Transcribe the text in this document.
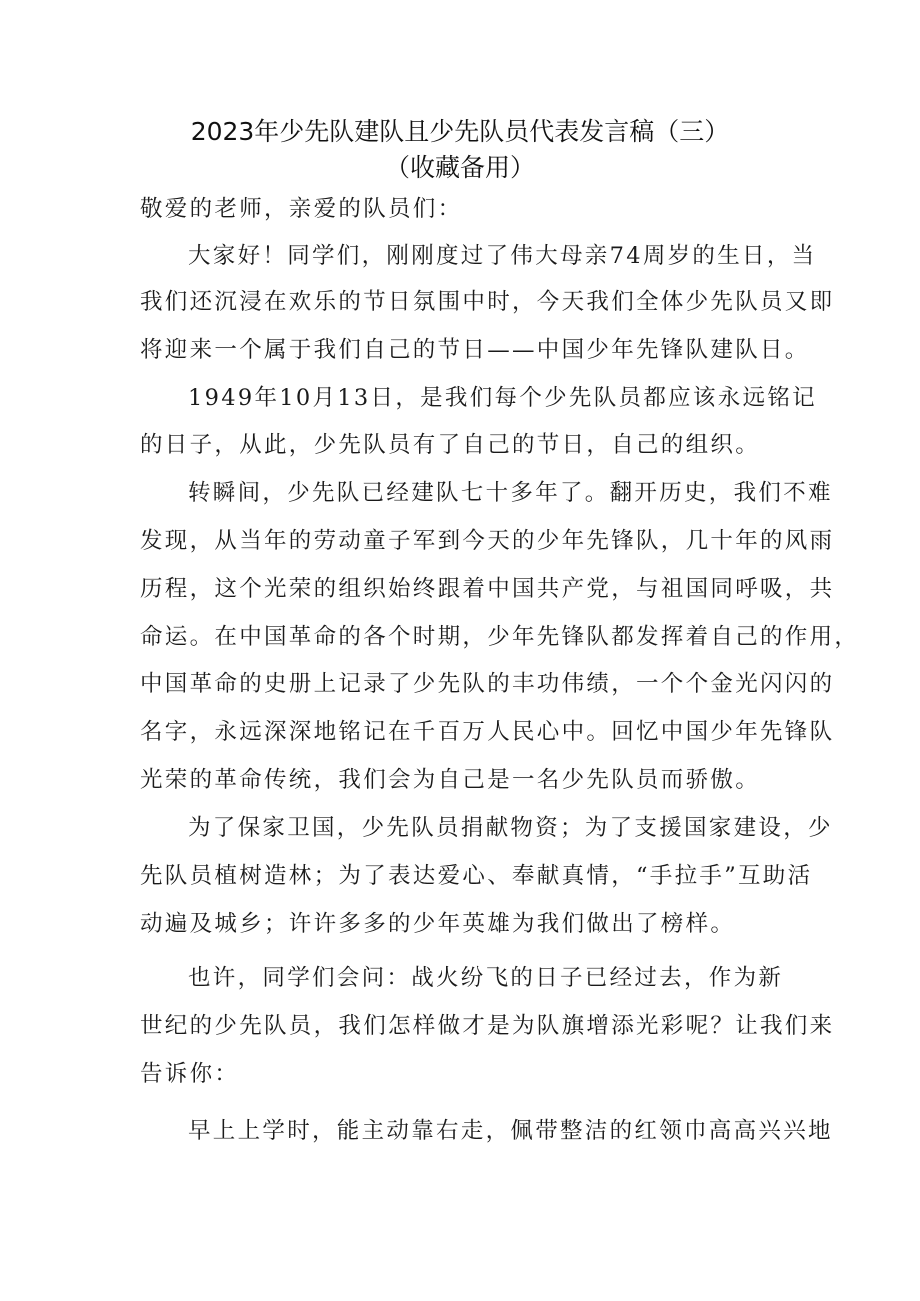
2023年少先队建队且少先队员代表发言稿（三）
（收藏备用）
敬爱的老师，亲爱的队员们：
大家好！同学们，刚刚度过了伟大母亲74周岁的生日，当
我们还沉浸在欢乐的节日氛围中时，今天我们全体少先队员又即
将迎来一个属于我们自己的节日——中国少年先锋队建队日。
1949年10月13日，是我们每个少先队员都应该永远铭记
的日子，从此，少先队员有了自己的节日，自己的组织。
转瞬间，少先队已经建队七十多年了。翻开历史，我们不难
发现，从当年的劳动童子军到今天的少年先锋队，几十年的风雨
历程，这个光荣的组织始终跟着中国共产党，与祖国同呼吸，共
命运。在中国革命的各个时期，少年先锋队都发挥着自己的作用，
中国革命的史册上记录了少先队的丰功伟绩，一个个金光闪闪的
名字，永远深深地铭记在千百万人民心中。回忆中国少年先锋队
光荣的革命传统，我们会为自己是一名少先队员而骄傲。
为了保家卫国，少先队员捐献物资；为了支援国家建设，少
先队员植树造林；为了表达爱心、奉献真情，“手拉手”互助活
动遍及城乡；许许多多的少年英雄为我们做出了榜样。
也许，同学们会问：战火纷飞的日子已经过去，作为新
世纪的少先队员，我们怎样做才是为队旗增添光彩呢？让我们来
告诉你：
早上上学时，能主动靠右走，佩带整洁的红领巾高高兴兴地
